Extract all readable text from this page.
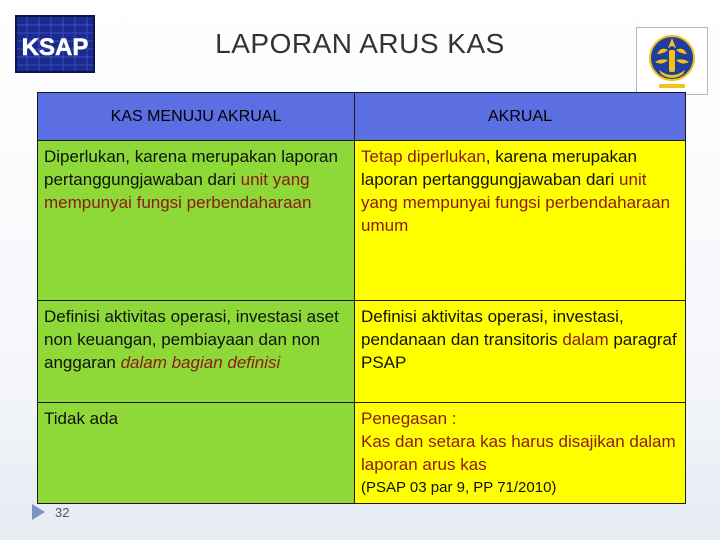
KSAP	LAPORAN ARUS KAS
KAS MENUJU AKRUAL	AKRUAL
Diperlukan, karena merupakan laporan pertanggungjawaban dari unit yang mempunyai fungsi perbendaharaan	Tetap diperlukan, karena merupakan laporan pertanggungjawaban dari unit yang mempunyai fungsi perbendaharaan umum
Definisi aktivitas operasi, investasi aset non keuangan, pembiayaan dan non anggaran dalam bagian definisi	Definisi aktivitas operasi, investasi, pendanaan dan transitoris dalam paragraf PSAP
Tidak ada	Penegasan :
Kas dan setara kas harus disajikan dalam laporan arus kas
(PSAP 03 par 9, PP 71/2010)
32
